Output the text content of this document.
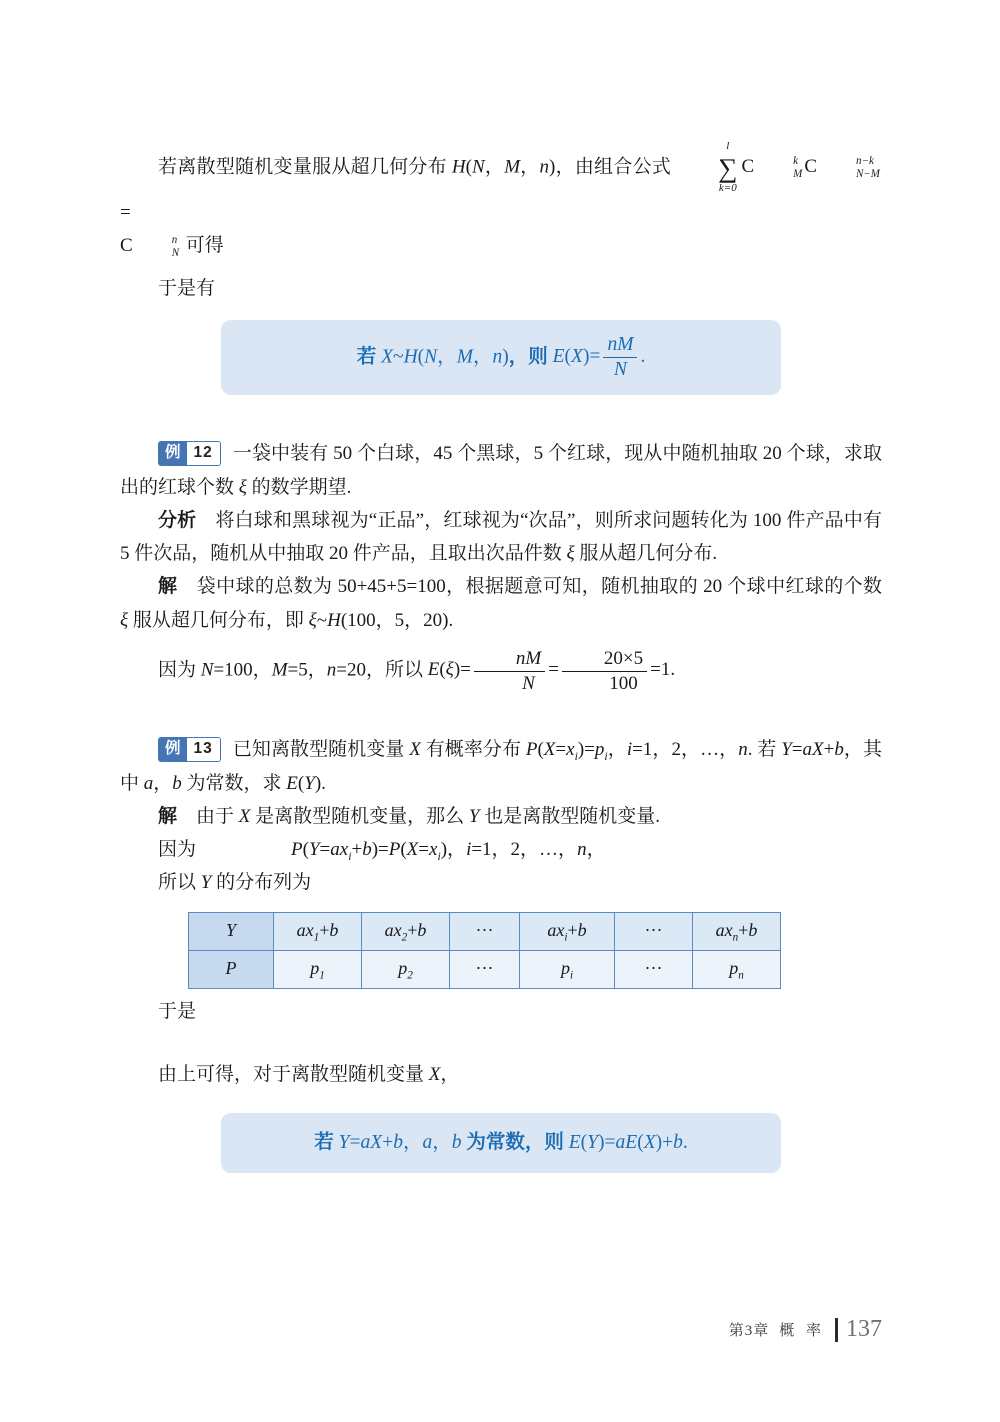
若离散型随机变量服从超几何分布 H(N，M，n)，由组合公式
l
∑
k=0
C	k
M C	n−k
N−M
=
C	n
N 可得

于是有

若 X~H(N，M，n)，则 $E(X)= \frac{nM}{N}$ .

例 12	一袋中装有 50 个白球，45 个黑球，5 个红球，现从中随机抽取 20 个球，求取出的红球个数 ξ 的数学期望.

分析　将白球和黑球视为“正品”，红球视为“次品”，则所求问题转化为 100 件产品中有 5 件次品，随机从中抽取 20 件产品，且取出次品件数 ξ 服从超几何分布.

解　袋中球的总数为 50+45+5=100，根据题意可知，随机抽取的 20 个球中红球的个数 ξ 服从超几何分布，即 ξ~H(100，5，20).

因为 N=100，M=5，n=20，所以 $E(\xi)= \frac{nM}{N} = \frac{20\times 5}{100} =1$.

例 13	已知离散型随机变量 X 有概率分布 $P(X=x_i)=p_i$，i=1，2，…，n. 若 Y=aX+b，其中 a，b 为常数，求 E(Y).

解　由于 X 是离散型随机变量，那么 Y 也是离散型随机变量.

因为	$P(Y=ax_i+b)=P(X=x_i)$，i=1，2，…，n，

所以 Y 的分布列为

Y	$ax_1+b$	$ax_2+b$	···	$ax_i+b$	···	$ax_n+b$
P	$p_1$	$p_2$	···	$p_i$	···	$p_n$

于是

由上可得，对于离散型随机变量 X，

若 Y=aX+b，a，b 为常数，则 E(Y)=aE(X)+b.
第3章 概 率 137
